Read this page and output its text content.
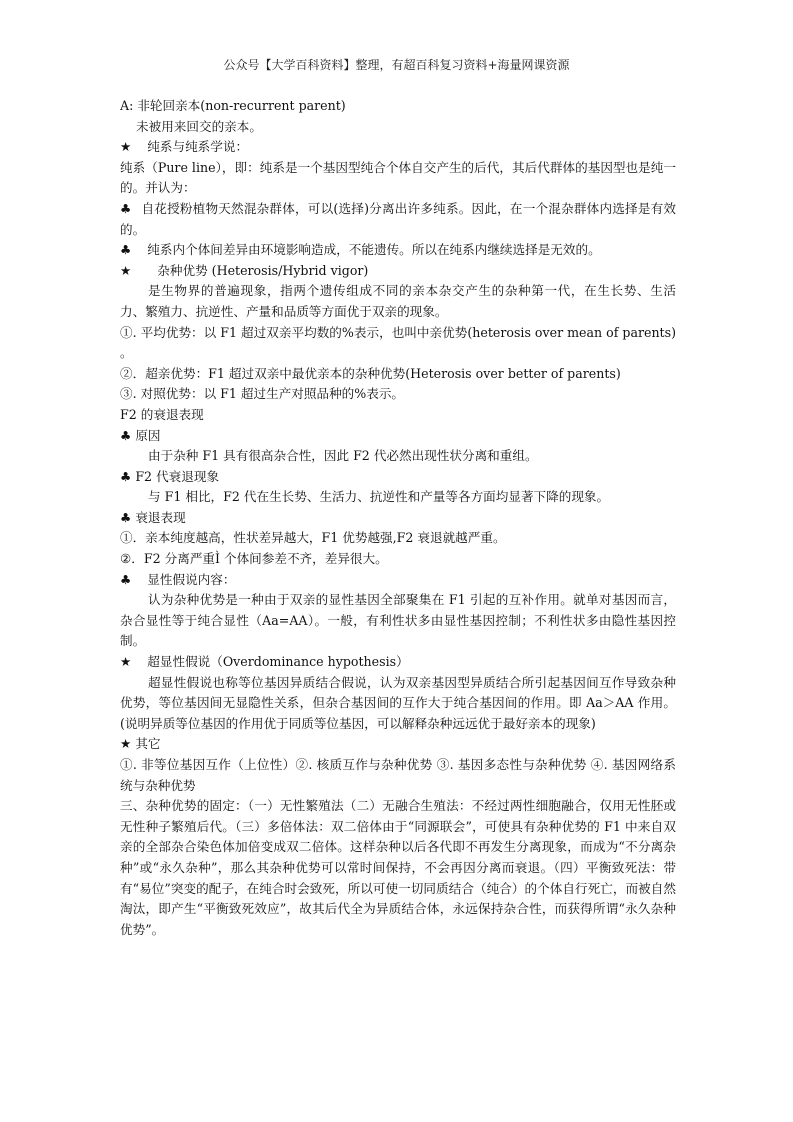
公众号【大学百科资料】整理，有超百科复习资料+海量网课资源

A: 非轮回亲本(non-recurrent parent)

未被用来回交的亲本。

★ 纯系与纯系学说：

纯系（Pure line），即：纯系是一个基因型纯合个体自交产生的后代，其后代群体的基因型也是纯一的。并认为：

♣ 自花授粉植物天然混杂群体，可以(选择)分离出许多纯系。因此，在一个混杂群体内选择是有效的。

♣ 纯系内个体间差异由环境影响造成，不能遗传。所以在纯系内继续选择是无效的。

★ 杂种优势 (Heterosis/Hybrid vigor)

是生物界的普遍现象，指两个遗传组成不同的亲本杂交产生的杂种第一代，在生长势、生活力、繁殖力、抗逆性、产量和品质等方面优于双亲的现象。

①. 平均优势：以 F1 超过双亲平均数的%表示，也叫中亲优势(heterosis over mean of parents) 。

②．超亲优势：F1 超过双亲中最优亲本的杂种优势(Heterosis over better of parents)

③. 对照优势：以 F1 超过生产对照品种的%表示。

F2 的衰退表现

♣ 原因

由于杂种 F1 具有很高杂合性，因此 F2 代必然出现性状分离和重组。

♣ F2 代衰退现象

与 F1 相比，F2 代在生长势、生活力、抗逆性和产量等各方面均显著下降的现象。

♣ 衰退表现

①．亲本纯度越高，性状差异越大，F1 优势越强,F2 衰退就越严重。

②．F2 分离严重Ì 个体间参差不齐，差异很大。

♣ 显性假说内容：

认为杂种优势是一种由于双亲的显性基因全部聚集在 F1 引起的互补作用。就单对基因而言，杂合显性等于纯合显性（Aa=AA）。一般，有利性状多由显性基因控制；不利性状多由隐性基因控制。

★ 超显性假说（Overdominance hypothesis）

超显性假说也称等位基因异质结合假说，认为双亲基因型异质结合所引起基因间互作导致杂种优势，等位基因间无显隐性关系，但杂合基因间的互作大于纯合基因间的作用。即 Aa＞AA 作用。(说明异质等位基因的作用优于同质等位基因，可以解释杂种远远优于最好亲本的现象)

★ 其它

①. 非等位基因互作（上位性）②. 核质互作与杂种优势 ③. 基因多态性与杂种优势 ④. 基因网络系统与杂种优势

三、杂种优势的固定：（一）无性繁殖法（二）无融合生殖法：不经过两性细胞融合，仅用无性胚或无性种子繁殖后代。（三）多倍体法：双二倍体由于“同源联会”，可使具有杂种优势的 F1 中来自双亲的全部杂合染色体加倍变成双二倍体。这样杂种以后各代即不再发生分离现象，而成为“不分离杂种”或“永久杂种”，那么其杂种优势可以常时间保持，不会再因分离而衰退。（四）平衡致死法：带有“易位”突变的配子，在纯合时会致死，所以可使一切同质结合（纯合）的个体自行死亡，而被自然淘汰，即产生“平衡致死效应”，故其后代全为异质结合体，永远保持杂合性，而获得所谓“永久杂种优势”。
